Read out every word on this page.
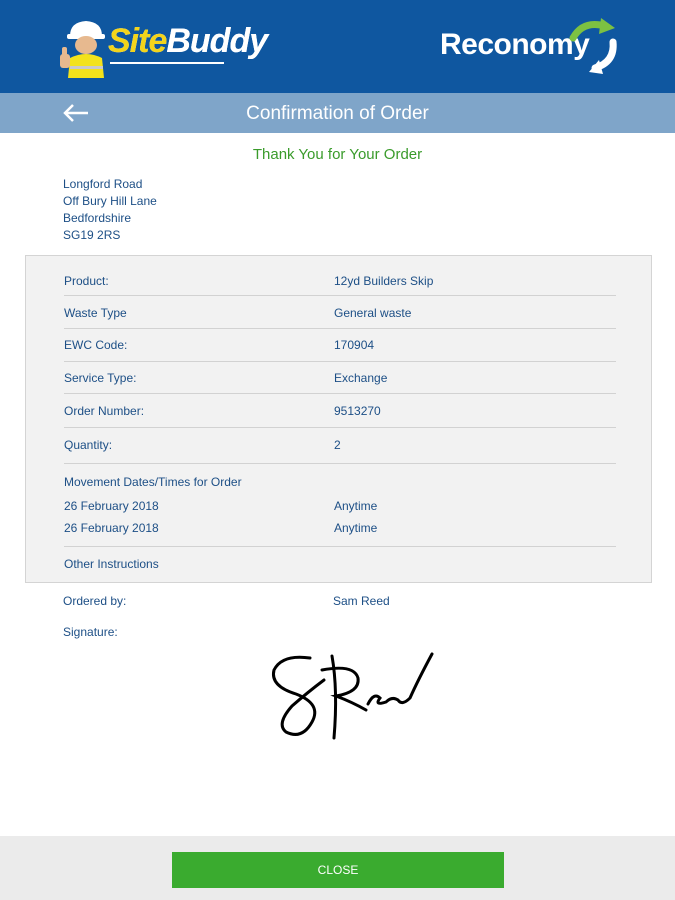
SiteBuddy	Reconomy
Confirmation of Order
Thank You for Your Order
Longford Road
Off Bury Hill Lane
Bedfordshire
SG19 2RS
Product:	12yd Builders Skip
Waste Type	General waste
EWC Code:	170904
Service Type:	Exchange
Order Number:	9513270
Quantity:	2
Movement Dates/Times for Order
26 February 2018	Anytime
26 February 2018	Anytime
Other Instructions
Ordered by:	Sam Reed
Signature:
CLOSE
